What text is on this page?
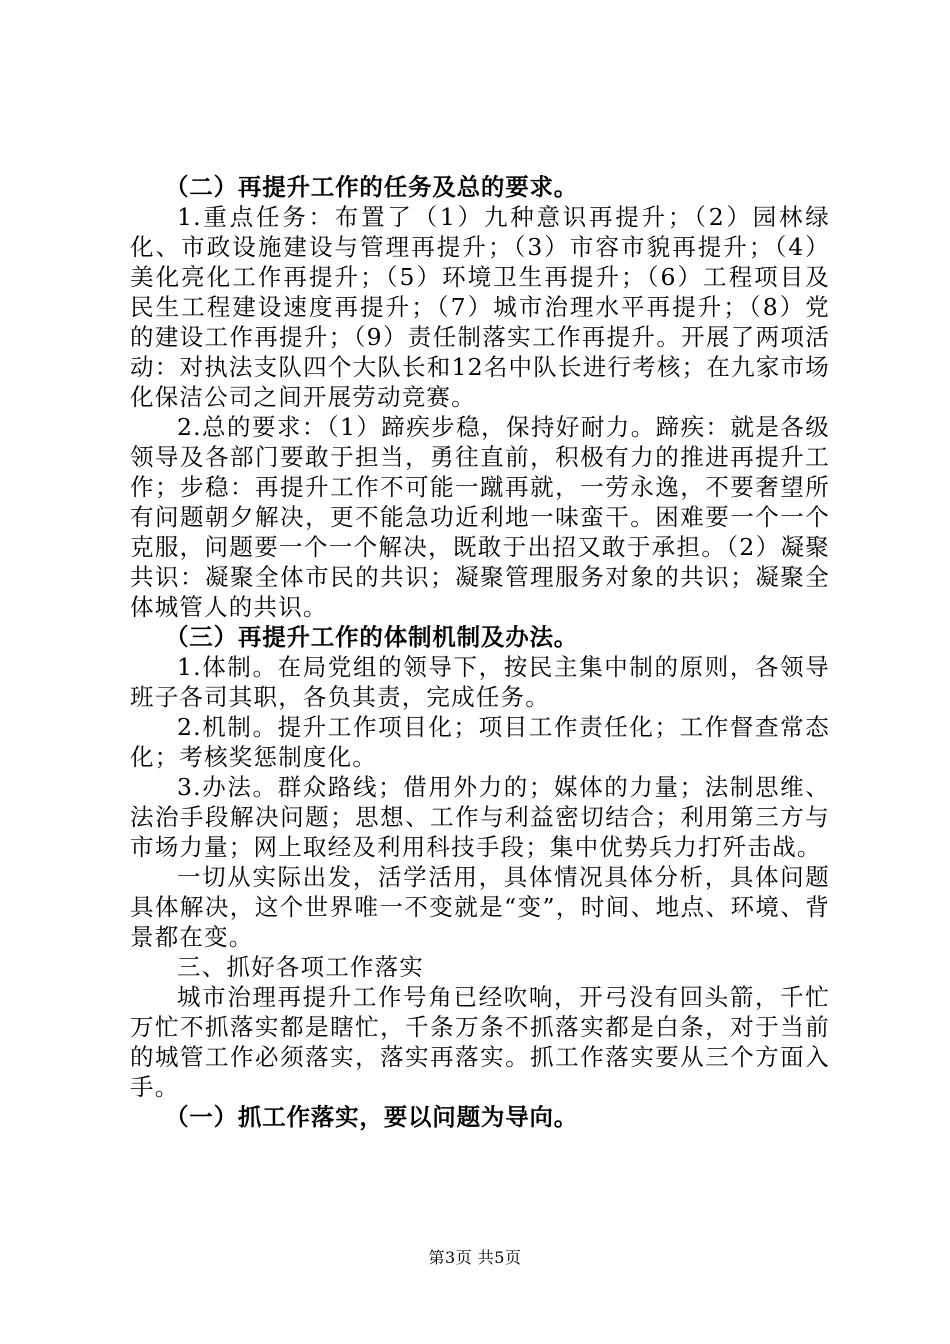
（二）再提升工作的任务及总的要求。

1.重点任务：布置了（1）九种意识再提升；（2）园林绿化、市政设施建设与管理再提升；（3）市容市貌再提升；（4）美化亮化工作再提升；（5）环境卫生再提升；（6）工程项目及民生工程建设速度再提升；（7）城市治理水平再提升；（8）党的建设工作再提升；（9）责任制落实工作再提升。开展了两项活动：对执法支队四个大队长和12名中队长进行考核；在九家市场化保洁公司之间开展劳动竞赛。

2.总的要求：（1）蹄疾步稳，保持好耐力。蹄疾：就是各级领导及各部门要敢于担当，勇往直前，积极有力的推进再提升工作；步稳：再提升工作不可能一蹴再就，一劳永逸，不要奢望所有问题朝夕解决，更不能急功近利地一味蛮干。困难要一个一个克服，问题要一个一个解决，既敢于出招又敢于承担。（2）凝聚共识：凝聚全体市民的共识；凝聚管理服务对象的共识；凝聚全体城管人的共识。

（三）再提升工作的体制机制及办法。

1.体制。在局党组的领导下，按民主集中制的原则，各领导班子各司其职，各负其责，完成任务。

2.机制。提升工作项目化；项目工作责任化；工作督查常态化；考核奖惩制度化。

3.办法。群众路线；借用外力的；媒体的力量；法制思维、法治手段解决问题；思想、工作与利益密切结合；利用第三方与市场力量；网上取经及利用科技手段；集中优势兵力打歼击战。

一切从实际出发，活学活用，具体情况具体分析，具体问题具体解决，这个世界唯一不变就是“变”，时间、地点、环境、背景都在变。

三、抓好各项工作落实

城市治理再提升工作号角已经吹响，开弓没有回头箭，千忙万忙不抓落实都是瞎忙，千条万条不抓落实都是白条，对于当前的城管工作必须落实，落实再落实。抓工作落实要从三个方面入手。

（一）抓工作落实，要以问题为导向。

第3页 共5页
